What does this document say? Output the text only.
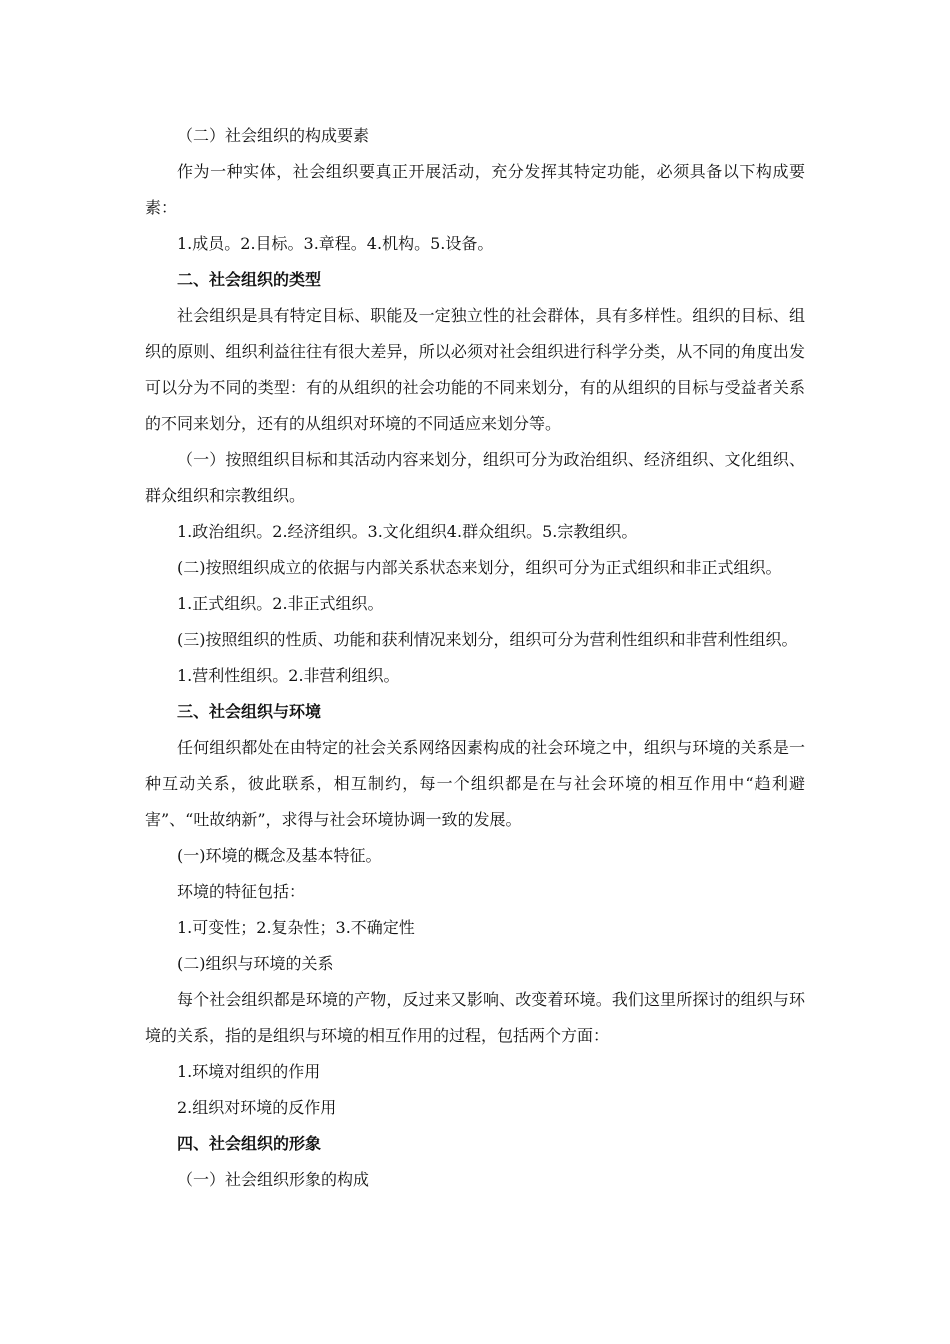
（二）社会组织的构成要素

作为一种实体，社会组织要真正开展活动，充分发挥其特定功能，必须具备以下构成要素：

1.成员。2.目标。3.章程。4.机构。5.设备。

二、社会组织的类型

社会组织是具有特定目标、职能及一定独立性的社会群体，具有多样性。组织的目标、组织的原则、组织利益往往有很大差异，所以必须对社会组织进行科学分类，从不同的角度出发可以分为不同的类型：有的从组织的社会功能的不同来划分，有的从组织的目标与受益者关系的不同来划分，还有的从组织对环境的不同适应来划分等。

（一）按照组织目标和其活动内容来划分，组织可分为政治组织、经济组织、文化组织、群众组织和宗教组织。

1.政治组织。2.经济组织。3.文化组织4.群众组织。5.宗教组织。

(二)按照组织成立的依据与内部关系状态来划分，组织可分为正式组织和非正式组织。

1.正式组织。2.非正式组织。

(三)按照组织的性质、功能和获利情况来划分，组织可分为营利性组织和非营利性组织。

1.营利性组织。2.非营利组织。

三、社会组织与环境

任何组织都处在由特定的社会关系网络因素构成的社会环境之中，组织与环境的关系是一种互动关系，彼此联系，相互制约，每一个组织都是在与社会环境的相互作用中“趋利避害”、“吐故纳新”，求得与社会环境协调一致的发展。

(一)环境的概念及基本特征。

环境的特征包括：

1.可变性；2.复杂性；3.不确定性

(二)组织与环境的关系

每个社会组织都是环境的产物，反过来又影响、改变着环境。我们这里所探讨的组织与环境的关系，指的是组织与环境的相互作用的过程，包括两个方面：

1.环境对组织的作用

2.组织对环境的反作用

四、社会组织的形象

（一）社会组织形象的构成
